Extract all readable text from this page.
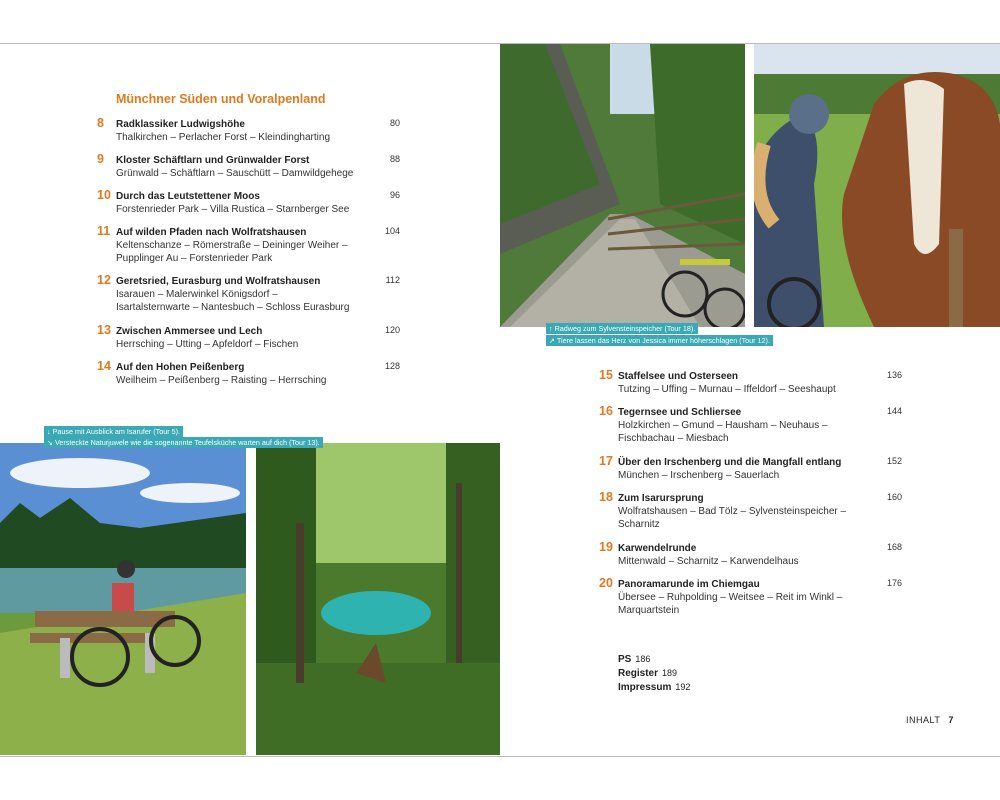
↑ Radweg zum Sylvensteinspeicher (Tour 18).
↗ Tiere lassen das Herz von Jessica immer höherschlagen (Tour 12).
↓ Pause mit Ausblick am Isarufer (Tour 5).
↘ Versteckte Naturjuwele wie die sogenannte Teufelsküche warten auf dich (Tour 13).
Münchner Süden und Voralpenland
8 Radklassiker Ludwigshöhe
Thalkirchen – Perlacher Forst – Kleindingharting
80
9 Kloster Schäftlarn und Grünwalder Forst
Grünwald – Schäftlarn – Sauschütt – Damwildgehege
88
10 Durch das Leutstettener Moos
Forstenrieder Park – Villa Rustica – Starnberger See
96
11 Auf wilden Pfaden nach Wolfratshausen
Keltenschanze – Römerstraße – Deininger Weiher –
Pupplinger Au – Forstenrieder Park
104
12 Geretsried, Eurasburg und Wolfratshausen
Isarauen – Malerwinkel Königsdorf –
Isartalsternwarte – Nantesbuch – Schloss Eurasburg
112
13 Zwischen Ammersee und Lech
Herrsching – Utting – Apfeldorf – Fischen
120
14 Auf den Hohen Peißenberg
Weilheim – Peißenberg – Raisting – Herrsching
128
15 Staffelsee und Osterseen
Tutzing – Uffing – Murnau – Iffeldorf – Seeshaupt
136
16 Tegernsee und Schliersee
Holzkirchen – Gmund – Hausham – Neuhaus –
Fischbachau – Miesbach
144
17 Über den Irschenberg und die Mangfall entlang
München – Irschenberg – Sauerlach
152
18 Zum Isarursprung
Wolfratshausen – Bad Tölz – Sylvensteinspeicher –
Scharnitz
160
19 Karwendelrunde
Mittenwald – Scharnitz – Karwendelhaus
168
20 Panoramarunde im Chiemgau
Übersee – Ruhpolding – Weitsee – Reit im Winkl –
Marquartstein
176
PS 186
Register 189
Impressum 192
INHALT 7
